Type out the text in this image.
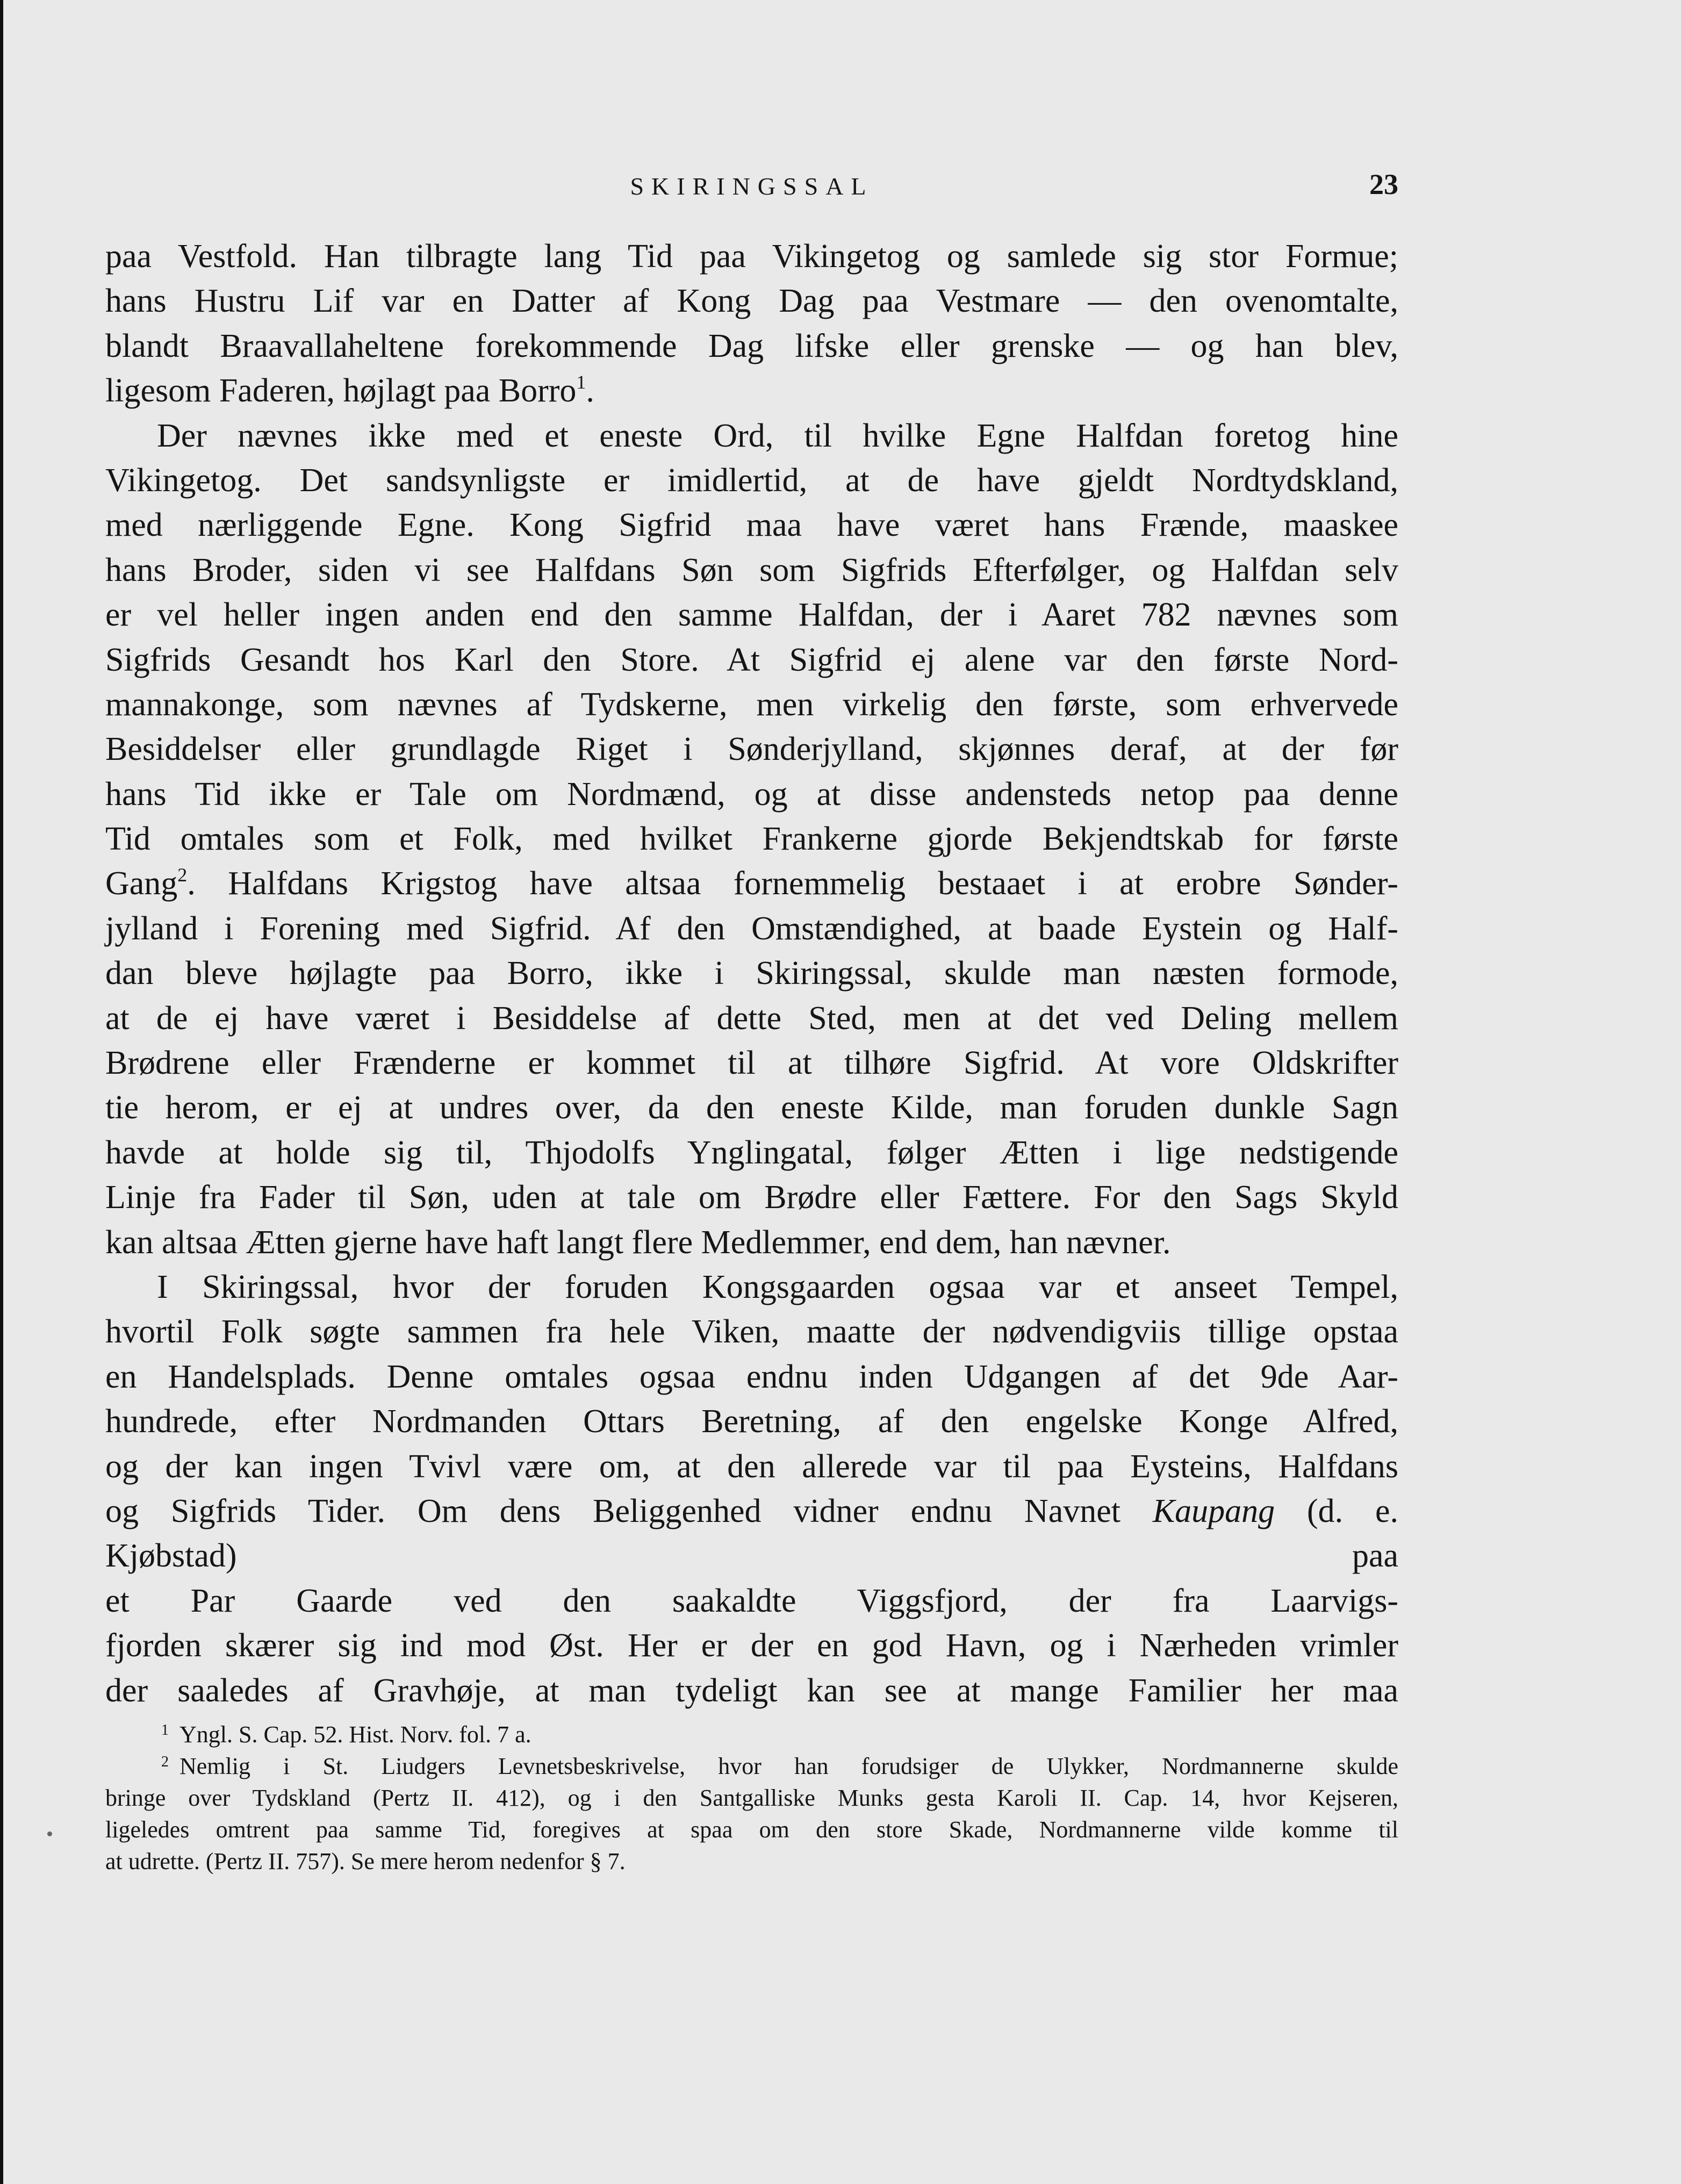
SKIRINGSSAL	23
paa Vestfold. Han tilbragte lang Tid paa Vikingetog og samlede sig stor Formue;
hans Hustru Lif var en Datter af Kong Dag paa Vestmare — den ovenomtalte,
blandt Braavallaheltene forekommende Dag lifske eller grenske — og han blev,
ligesom Faderen, højlagt paa Borro$^1$.
Der nævnes ikke med et eneste Ord, til hvilke Egne Halfdan foretog hine
Vikingetog. Det sandsynligste er imidlertid, at de have gjeldt Nordtydskland,
med nærliggende Egne. Kong Sigfrid maa have været hans Frænde, maaskee
hans Broder, siden vi see Halfdans Søn som Sigfrids Efterfølger, og Halfdan selv
er vel heller ingen anden end den samme Halfdan, der i Aaret 782 nævnes som
Sigfrids Gesandt hos Karl den Store. At Sigfrid ej alene var den første Nord-
mannakonge, som nævnes af Tydskerne, men virkelig den første, som erhvervede
Besiddelser eller grundlagde Riget i Sønderjylland, skjønnes deraf, at der før
hans Tid ikke er Tale om Nordmænd, og at disse andensteds netop paa denne
Tid omtales som et Folk, med hvilket Frankerne gjorde Bekjendtskab for første
Gang$^2$. Halfdans Krigstog have altsaa fornemmelig bestaaet i at erobre Sønder-
jylland i Forening med Sigfrid. Af den Omstændighed, at baade Eystein og Half-
dan bleve højlagte paa Borro, ikke i Skiringssal, skulde man næsten formode,
at de ej have været i Besiddelse af dette Sted, men at det ved Deling mellem
Brødrene eller Frænderne er kommet til at tilhøre Sigfrid. At vore Oldskrifter
tie herom, er ej at undres over, da den eneste Kilde, man foruden dunkle Sagn
havde at holde sig til, Thjodolfs Ynglingatal, følger Ætten i lige nedstigende
Linje fra Fader til Søn, uden at tale om Brødre eller Fættere. For den Sags Skyld
kan altsaa Ætten gjerne have haft langt flere Medlemmer, end dem, han nævner.
I Skiringssal, hvor der foruden Kongsgaarden ogsaa var et anseet Tempel,
hvortil Folk søgte sammen fra hele Viken, maatte der nødvendigviis tillige opstaa
en Handelsplads. Denne omtales ogsaa endnu inden Udgangen af det 9de Aar-
hundrede, efter Nordmanden Ottars Beretning, af den engelske Konge Alfred,
og der kan ingen Tvivl være om, at den allerede var til paa Eysteins, Halfdans
og Sigfrids Tider. Om dens Beliggenhed vidner endnu Navnet Kaupang (d. e.
Kjøbstad) paa
et Par Gaarde ved den saakaldte Viggsfjord, der fra Laarvigs-
fjorden skærer sig ind mod Øst. Her er der en god Havn, og i Nærheden vrimler
der saaledes af Gravhøje, at man tydeligt kan see at mange Familier her maa
$^1$ Yngl. S. Cap. 52. Hist. Norv. fol. 7 a.
$^2$ Nemlig i St. Liudgers Levnetsbeskrivelse, hvor han forudsiger de Ulykker, Nordmannerne skulde
bringe over Tydskland (Pertz II. 412), og i den Santgalliske Munks gesta Karoli II. Cap. 14, hvor Kejseren,
ligeledes omtrent paa samme Tid, foregives at spaa om den store Skade, Nordmannerne vilde komme til
at udrette. (Pertz II. 757). Se mere herom nedenfor § 7.
